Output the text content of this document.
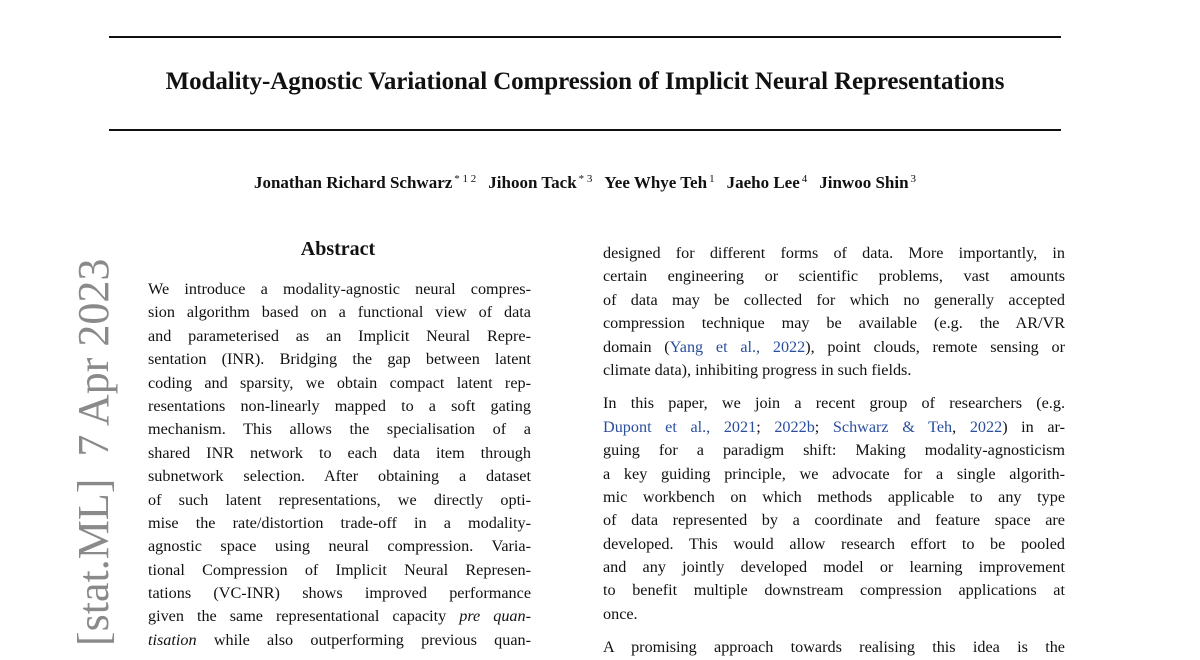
Modality-Agnostic Variational Compression of Implicit Neural Representations
Jonathan Richard Schwarz $^{* 1 2}$ Jihoon Tack $^{* 3}$ Yee Whye Teh $^1$ Jaeho Lee $^4$ Jinwoo Shin $^3$
[stat.ML]  7 Apr 2023
Abstract
We introduce a modality-agnostic neural compres-
sion algorithm based on a functional view of data
and parameterised as an Implicit Neural Repre-
sentation (INR). Bridging the gap between latent
coding and sparsity, we obtain compact latent rep-
resentations non-linearly mapped to a soft gating
mechanism. This allows the specialisation of a
shared INR network to each data item through
subnetwork selection. After obtaining a dataset
of such latent representations, we directly opti-
mise the rate/distortion trade-off in a modality-
agnostic space using neural compression. Varia-
tional Compression of Implicit Neural Represen-
tations (VC-INR) shows improved performance
given the same representational capacity pre quan-
tisation while also outperforming previous quan-
designed for different forms of data. More importantly, in
certain engineering or scientific problems, vast amounts
of data may be collected for which no generally accepted
compression technique may be available (e.g. the AR/VR
domain (Yang et al., 2022), point clouds, remote sensing or
climate data), inhibiting progress in such fields.
In this paper, we join a recent group of researchers (e.g.
Dupont et al., 2021; 2022b; Schwarz & Teh, 2022) in ar-
guing for a paradigm shift: Making modality-agnosticism
a key guiding principle, we advocate for a single algorith-
mic workbench on which methods applicable to any type
of data represented by a coordinate and feature space are
developed. This would allow research effort to be pooled
and any jointly developed model or learning improvement
to benefit multiple downstream compression applications at
once.
A promising approach towards realising this idea is the
